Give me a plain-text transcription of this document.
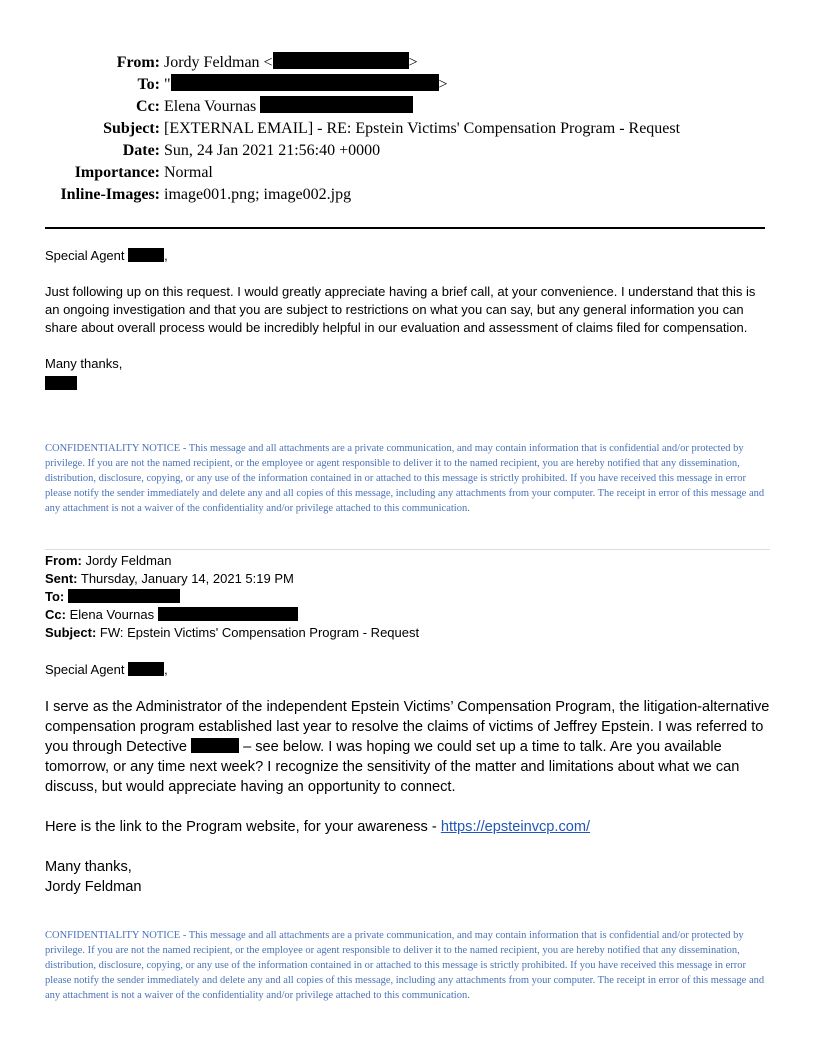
From: Jordy Feldman <	>
To: "	>
Cc: Elena Vournas
Subject: [EXTERNAL EMAIL] - RE: Epstein Victims' Compensation Program - Request
Date: Sun, 24 Jan 2021 21:56:40 +0000
Importance: Normal
Inline-Images: image001.png; image002.jpg

Special Agent	,

Just following up on this request. I would greatly appreciate having a brief call, at your convenience. I understand that this is an ongoing investigation and that you are subject to restrictions on what you can say, but any general information you can share about overall process would be incredibly helpful in our evaluation and assessment of claims filed for compensation.

Many thanks,
CONFIDENTIALITY NOTICE - This message and all attachments are a private communication, and may contain information that is confidential and/or protected by privilege. If you are not the named recipient, or the employee or agent responsible to deliver it to the named recipient, you are hereby notified that any dissemination, distribution, disclosure, copying, or any use of the information contained in or attached to this message is strictly prohibited. If you have received this message in error please notify the sender immediately and delete any and all copies of this message, including any attachments from your computer. The receipt in error of this message and any attachment is not a waiver of the confidentiality and/or privilege attached to this communication.
From: Jordy Feldman
Sent: Thursday, January 14, 2021 5:19 PM
To:
Cc: Elena Vournas
Subject: FW: Epstein Victims' Compensation Program - Request
Special Agent	,

I serve as the Administrator of the independent Epstein Victims’ Compensation Program, the litigation-alternative compensation program established last year to resolve the claims of victims of Jeffrey Epstein. I was referred to you through Detective	– see below. I was hoping we could set up a time to talk. Are you available tomorrow, or any time next week? I recognize the sensitivity of the matter and limitations about what we can discuss, but would appreciate having an opportunity to connect.

Here is the link to the Program website, for your awareness - https://epsteinvcp.com/

Many thanks,
Jordy Feldman
CONFIDENTIALITY NOTICE - This message and all attachments are a private communication, and may contain information that is confidential and/or protected by privilege. If you are not the named recipient, or the employee or agent responsible to deliver it to the named recipient, you are hereby notified that any dissemination, distribution, disclosure, copying, or any use of the information contained in or attached to this message is strictly prohibited. If you have received this message in error please notify the sender immediately and delete any and all copies of this message, including any attachments from your computer. The receipt in error of this message and any attachment is not a waiver of the confidentiality and/or privilege attached to this communication.
